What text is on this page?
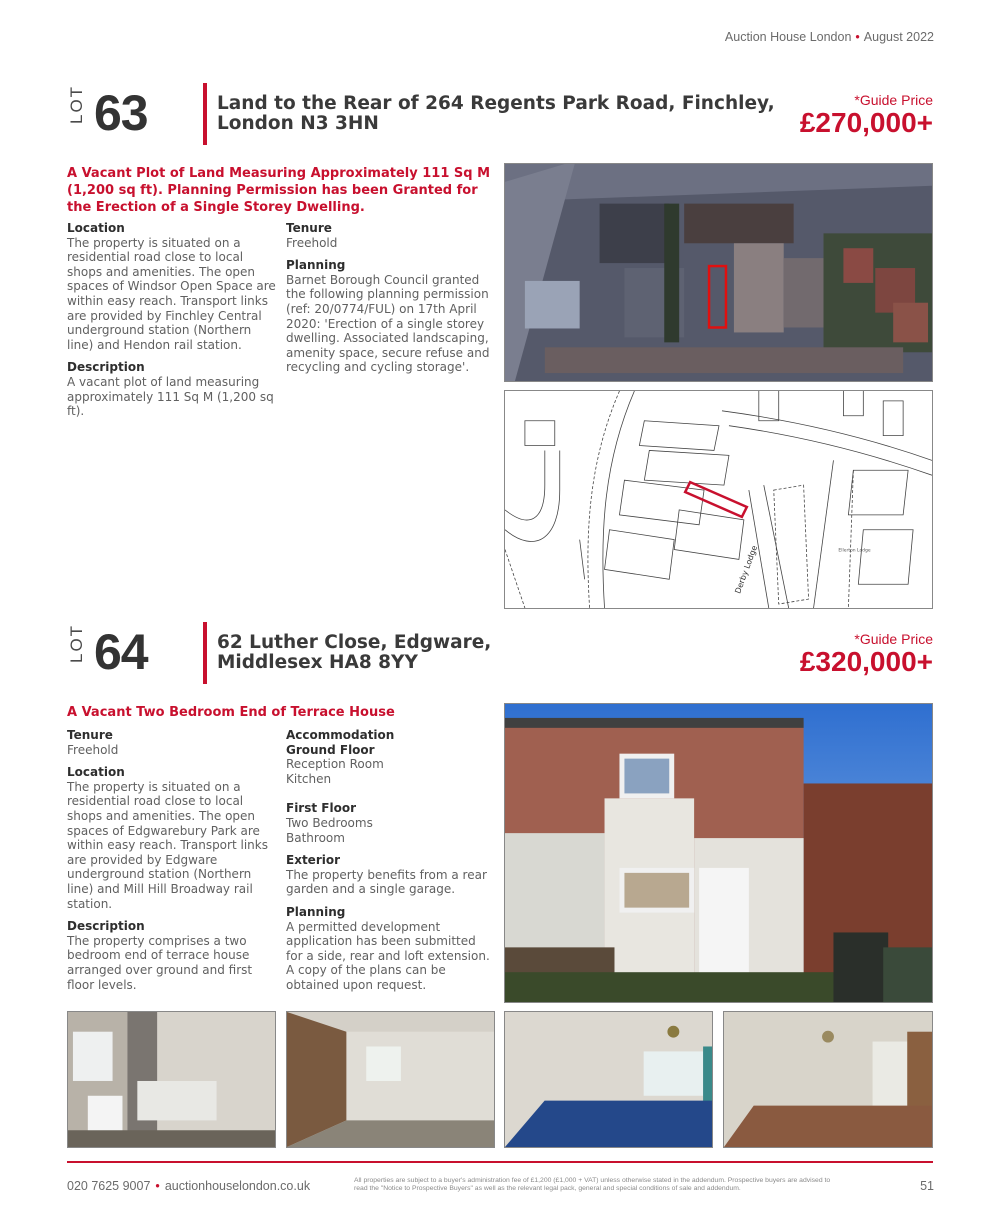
Auction House London • August 2022
LOT 63	Land to the Rear of 264 Regents Park Road, Finchley,
London N3 3HN
*Guide Price
£270,000+
A Vacant Plot of Land Measuring Approximately 111 Sq M (1,200 sq ft). Planning Permission has been Granted for the Erection of a Single Storey Dwelling.
Location

The property is situated on a residential road close to local shops and amenities. The open spaces of Windsor Open Space are within easy reach. Transport links are provided by Finchley Central underground station (Northern line) and Hendon rail station.

Description

A vacant plot of land measuring approximately 111 Sq M (1,200 sq ft).

Tenure

Freehold

Planning

Barnet Borough Council granted the following planning permission (ref: 20/0774/FUL) on 17th April 2020: 'Erection of a single storey dwelling. Associated landscaping, amenity space, secure refuse and recycling and cycling storage'.

Derby Lodge	Ellerton Lodge
LOT 64	62 Luther Close, Edgware,
Middlesex HA8 8YY
*Guide Price
£320,000+
A Vacant Two Bedroom End of Terrace House
Tenure

Freehold

Location

The property is situated on a residential road close to local shops and amenities. The open spaces of Edgwarebury Park are within easy reach. Transport links are provided by Edgware underground station (Northern line) and Mill Hill Broadway rail station.

Description

The property comprises a two bedroom end of terrace house arranged over ground and first floor levels.

Accommodation
Ground Floor
Reception Room

Kitchen

First Floor
Two Bedrooms

Bathroom

Exterior

The property benefits from a rear garden and a single garage.

Planning

A permitted development application has been submitted for a side, rear and loft extension. A copy of the plans can be obtained upon request.

020 7625 9007 • auctionhouselondon.co.uk	All properties are subject to a buyer's administration fee of £1,200 (£1,000 + VAT) unless otherwise stated in the addendum. Prospective buyers are advised to read the "Notice to Prospective Buyers" as well as the relevant legal pack, general and special conditions of sale and addendum.	51
